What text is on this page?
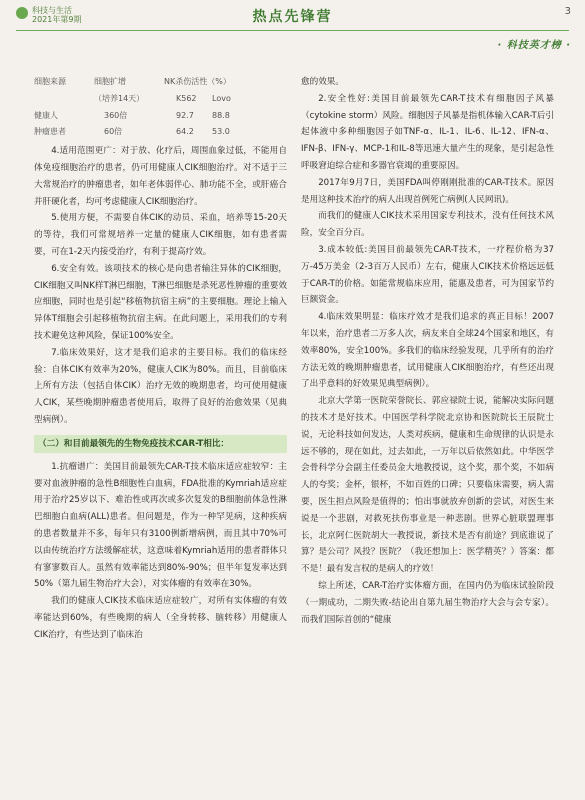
科技与生活
2021年第9期	热点先锋营	3
· 科技英才榜 ·
细胞来源	细胞扩增	NK杀伤活性（%）	
	（培养14天）	K562	Lovo
健康人	360倍	92.7	88.8
肿瘤患者	60倍	64.2	53.0

4.适用范围更广：对于放、化疗后，周围血象过低，不能用自体免疫细胞治疗的患者，仍可用健康人CIK细胞治疗。对不适于三大常规治疗的肿瘤患者，如年老体弱伴心、肺功能不全，或肝癌合并肝硬化者，均可考虑健康人CIK细胞治疗。

5.使用方便，不需要自体CIK的动员、采血，培养等15-20天的等待，我们可常规培养一定量的健康人CIK细胞，如有患者需要，可在1-2天内接受治疗，有利于提高疗效。

6.安全有效。该项技术的核心是向患者输注异体的CIK细胞，CIK细胞又叫NK样T淋巴细胞，T淋巴细胞是杀死恶性肿瘤的重要效应细胞，同时也是引起“移植物抗宿主病”的主要细胞。理论上输入异体T细胞会引起移植物抗宿主病。在此问题上，采用我们的专利技术避免这种风险，保证100%安全。

7.临床效果好，这才是我们追求的主要目标。我们的临床经验：自体CIK有效率为20%，健康人CIK为80%。而且，目前临床上所有方法（包括自体CIK）治疗无效的晚期患者，均可使用健康人CIK，某些晚期肿瘤患者使用后，取得了良好的治愈效果（见典型病例）。

（二）和目前最领先的生物免疫技术CAR-T相比：

1.抗瘤谱广：美国目前最领先CAR-T技术临床适应症较窄：主要对血液肿瘤的急性B细胞性白血病，FDA批准的Kymriah适应症用于治疗25岁以下、难治性或再次或多次复发的B细胞前体急性淋巴细胞白血病(ALL)患者。但问题是，作为一种罕见病，这种疾病的患者数量并不多，每年只有3100例新增病例，而且其中70%可以由传统治疗方法缓解症状，这意味着Kymriah适用的患者群体只有寥寥数百人。虽然有效率能达到80%-90%；但半年复发率达到50%（第九届生物治疗大会），对实体瘤的有效率在30%。

我们的健康人CIK技术临床适应症较广，对所有实体瘤的有效率能达到60%，有些晚期的病人（全身转移、脑转移）用健康人CIK治疗，有些达到了临床治

愈的效果。

2.安全性好:美国目前最领先CAR-T技术有细胞因子风暴（cytokine storm）风险。细胞因子风暴是指机体输入CAR-T后引起体液中多种细胞因子如TNF-α、IL-1、IL-6、IL-12、IFN-α、IFN-β、IFN-γ、MCP-1和IL-8等迅速大量产生的现象，是引起急性呼吸窘迫综合症和多器官衰竭的重要原因。

2017年9月7日，美国FDA叫停刚刚批准的CAR-T技术。原因是用这种技术治疗的病人出现首例死亡病例(人民网讯)。

而我们的健康人CIK技术采用国家专利技术，没有任何技术风险，安全百分百。

3.成本较低:美国目前最领先CAR-T技术，一疗程价格为37万-45万美金（2-3百万人民币）左右，健康人CIK技术价格远远低于CAR-T的价格。如能常规临床应用，能惠及患者，可为国家节约巨额资金。

4.临床效果明显：临床疗效才是我们追求的真正目标！2007年以来，治疗患者二万多人次，病友来自全球24个国家和地区，有效率80%，安全100%。多我们的临床经验发现，几乎所有的治疗方法无效的晚期肿瘤患者，试用健康人CIK细胞治疗，有些还出现了出乎意料的好效果见典型病例）。

北京大学第一医院荣誉院长、郭应禄院士说，能解决实际问题的技术才是好技术。中国医学科学院北京协和医院院长王辰院士说，无论科技如何发达，人类对疾病，健康和生命规律的认识是永远不够的，现在如此，过去如此，一万年以后依然如此。中华医学会骨科学分会副主任委员金大地教授说，这个奖，那个奖，不如病人的夸奖；金杯，银杯，不如百姓的口碑；只要临床需要，病人需要，医生担点风险是值得的；怕出事就放弃创新的尝试，对医生来说是一个悲剧，对救死扶伤事业是一种悲剧。世界心脏联盟理事长，北京阿仁医院胡大一教授说，新技术是否有前途？到底谁说了算？是公司？风投？医院？（我还想加上：医学精英？）答案：都不是！最有发言权的是病人的疗效！

综上所述，CAR-T治疗实体瘤方面，在国内仍为临床试验阶段（一期成功，二期失败-结论出自第九届生物治疗大会与会专家）。而我们国际首创的“健康
